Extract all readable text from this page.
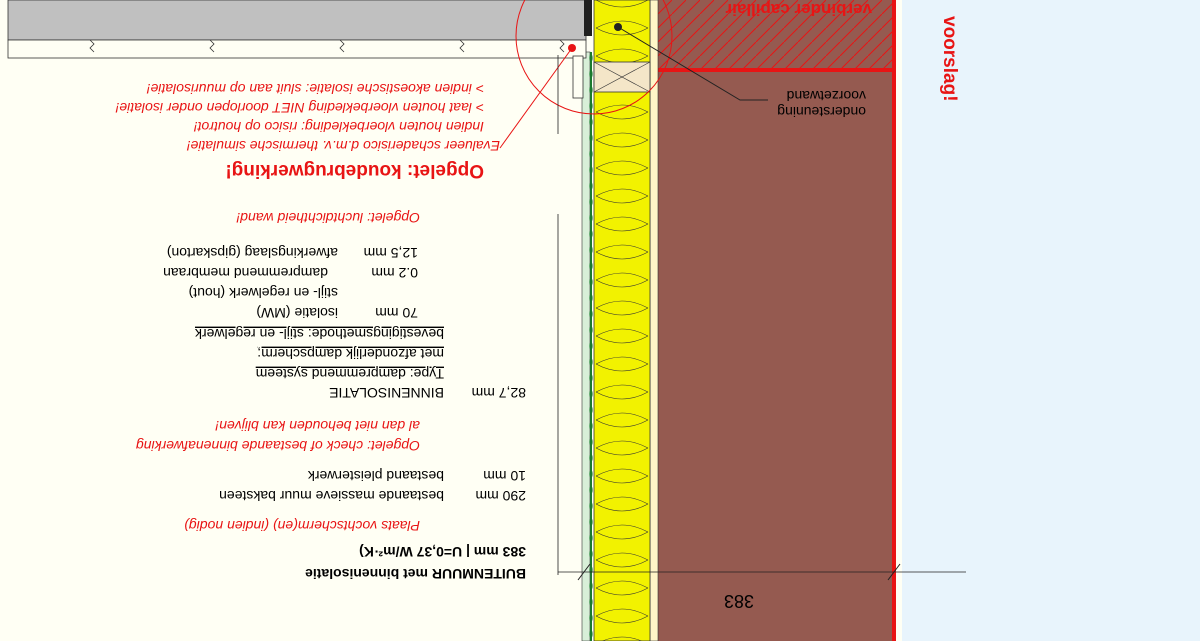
voorslag!
verbinder capillair
ondersteuning
voorzetwand
383
BUITENMUUR met binnenisolatie
383 mm | U=0,37 W/m²·K)
Plaats vochtscherm(en) (indien nodig)
290 mm
bestaande massieve muur baksteen
10 mm
bestaand pleisterwerk
Opgelet: check of bestaande binnenafwerking
al dan niet behouden kan blijven!
82,7 mm
BINNENISOLATIE
Type: dampremmend systeem
met afzonderlijk dampscherm;
bevestigingsmethode: stijl- en regelwerk
70 mm
isolatie (MW)
stijl- en regelwerk (hout)
0.2 mm
dampremmend membraan
12,5 mm
afwerkingslaag (gipskarton)
Opgelet: luchtdichtheid wand!
Opgelet: koudebrugwerking!
Evalueer schaderisico d.m.v. thermische simulatie!
Indien houten vloerbekleding: risico op houtrot!
> laat houten vloerbekleding NIET doorlopen onder isolatie!
> indien akoestische isolatie: sluit aan op muurisolatie!
